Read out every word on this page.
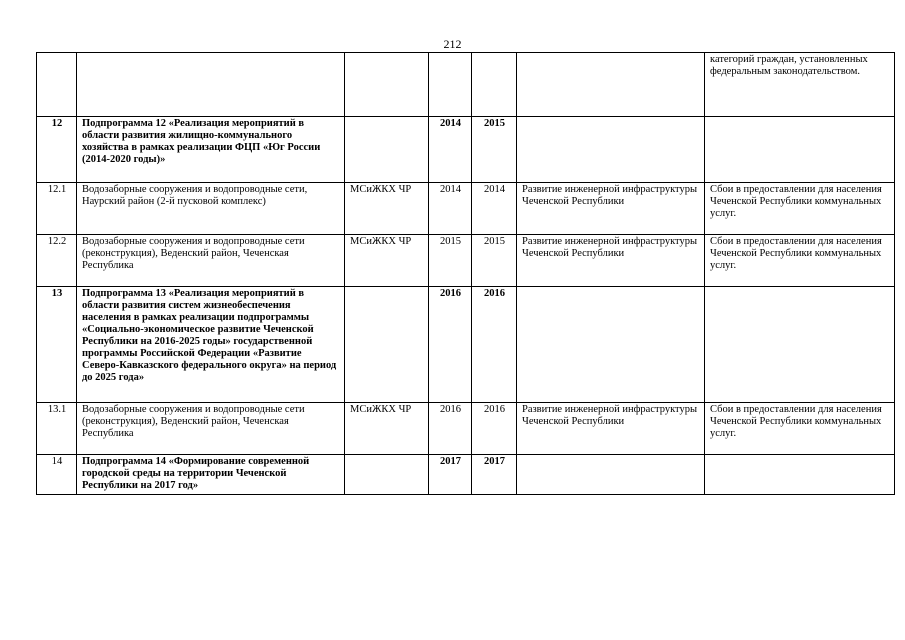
212
						категорий граждан, установленных федеральным законодательством.
12	Подпрограмма 12 «Реализация мероприятий в области развития жилищно-коммунального хозяйства в рамках реализации ФЦП «Юг России (2014-2020 годы)»		2014	2015		
12.1	Водозаборные сооружения и водопроводные сети, Наурский район (2-й пусковой комплекс)	МСиЖКХ ЧР	2014	2014	Развитие инженерной инфраструктуры Чеченской Республики	Сбои в предоставлении для населения Чеченской Республики коммунальных услуг.
12.2	Водозаборные сооружения и водопроводные сети (реконструкция), Веденский район, Чеченская Республика	МСиЖКХ ЧР	2015	2015	Развитие инженерной инфраструктуры Чеченской Республики	Сбои в предоставлении для населения Чеченской Республики коммунальных услуг.
13	Подпрограмма 13 «Реализация мероприятий в области развития систем жизнеобеспечения населения в рамках реализации подпрограммы «Социально-экономическое развитие Чеченской Республики на 2016-2025 годы» государственной программы Российской Федерации «Развитие Северо-Кавказского федерального округа» на период до 2025 года»		2016	2016		
13.1	Водозаборные сооружения и водопроводные сети (реконструкция), Веденский район, Чеченская Республика	МСиЖКХ ЧР	2016	2016	Развитие инженерной инфраструктуры Чеченской Республики	Сбои в предоставлении для населения Чеченской Республики коммунальных услуг.
14	Подпрограмма 14 «Формирование современной городской среды на территории Чеченской Республики на 2017 год»		2017	2017		
